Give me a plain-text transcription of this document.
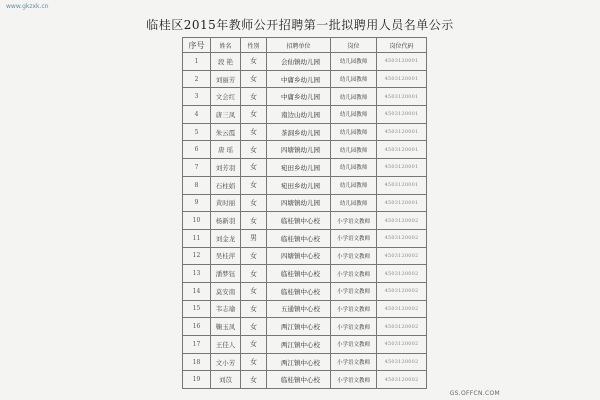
www.gkzxk.cn
临桂区2015年教师公开招聘第一批拟聘用人员名单公示
序号	姓名	性别	招聘单位	岗位	岗位代码
1	段 艳	女	会仙镇幼儿园	幼儿园教师	4503120001
2	刘丽芳	女	中庸乡幼儿园	幼儿园教师	4503120001
3	文会红	女	中庸乡幼儿园	幼儿园教师	4503120001
4	唐三凤	女	南边山幼儿园	幼儿园教师	4503120001
5	朱云霞	女	茶洞乡幼儿园	幼儿园教师	4503120001
6	唐 瑶	女	四塘镇幼儿园	幼儿园教师	4503120001
7	刘芳羽	女	宛田乡幼儿园	幼儿园教师	4503120001
8	石柱娟	女	宛田乡幼儿园	幼儿园教师	4503120001
9	黄时丽	女	四塘镇幼儿园	幼儿园教师	4503120001
10	杨新羽	女	临桂镇中心校	小学语文教师	4503120002
11	刘金龙	男	临桂镇中心校	小学语文教师	4503120002
12	吴桂萍	女	四塘镇中心校	小学语文教师	4503120002
13	潘梦钰	女	临桂镇中心校	小学语文教师	4503120002
14	莫安南	女	临桂镇中心校	小学语文教师	4503120002
15	韦志瑜	女	五通镇中心校	小学语文教师	4503120002
16	鞠玉凤	女	两江镇中心校	小学语文教师	4503120002
17	王佳人	女	两江镇中心校	小学语文教师	4503120002
18	文小芳	女	两江镇中心校	小学语文教师	4503120002
19	刘苡	女	临桂镇中心校	小学语文教师	4503120002
GS.OFFCN.COM
